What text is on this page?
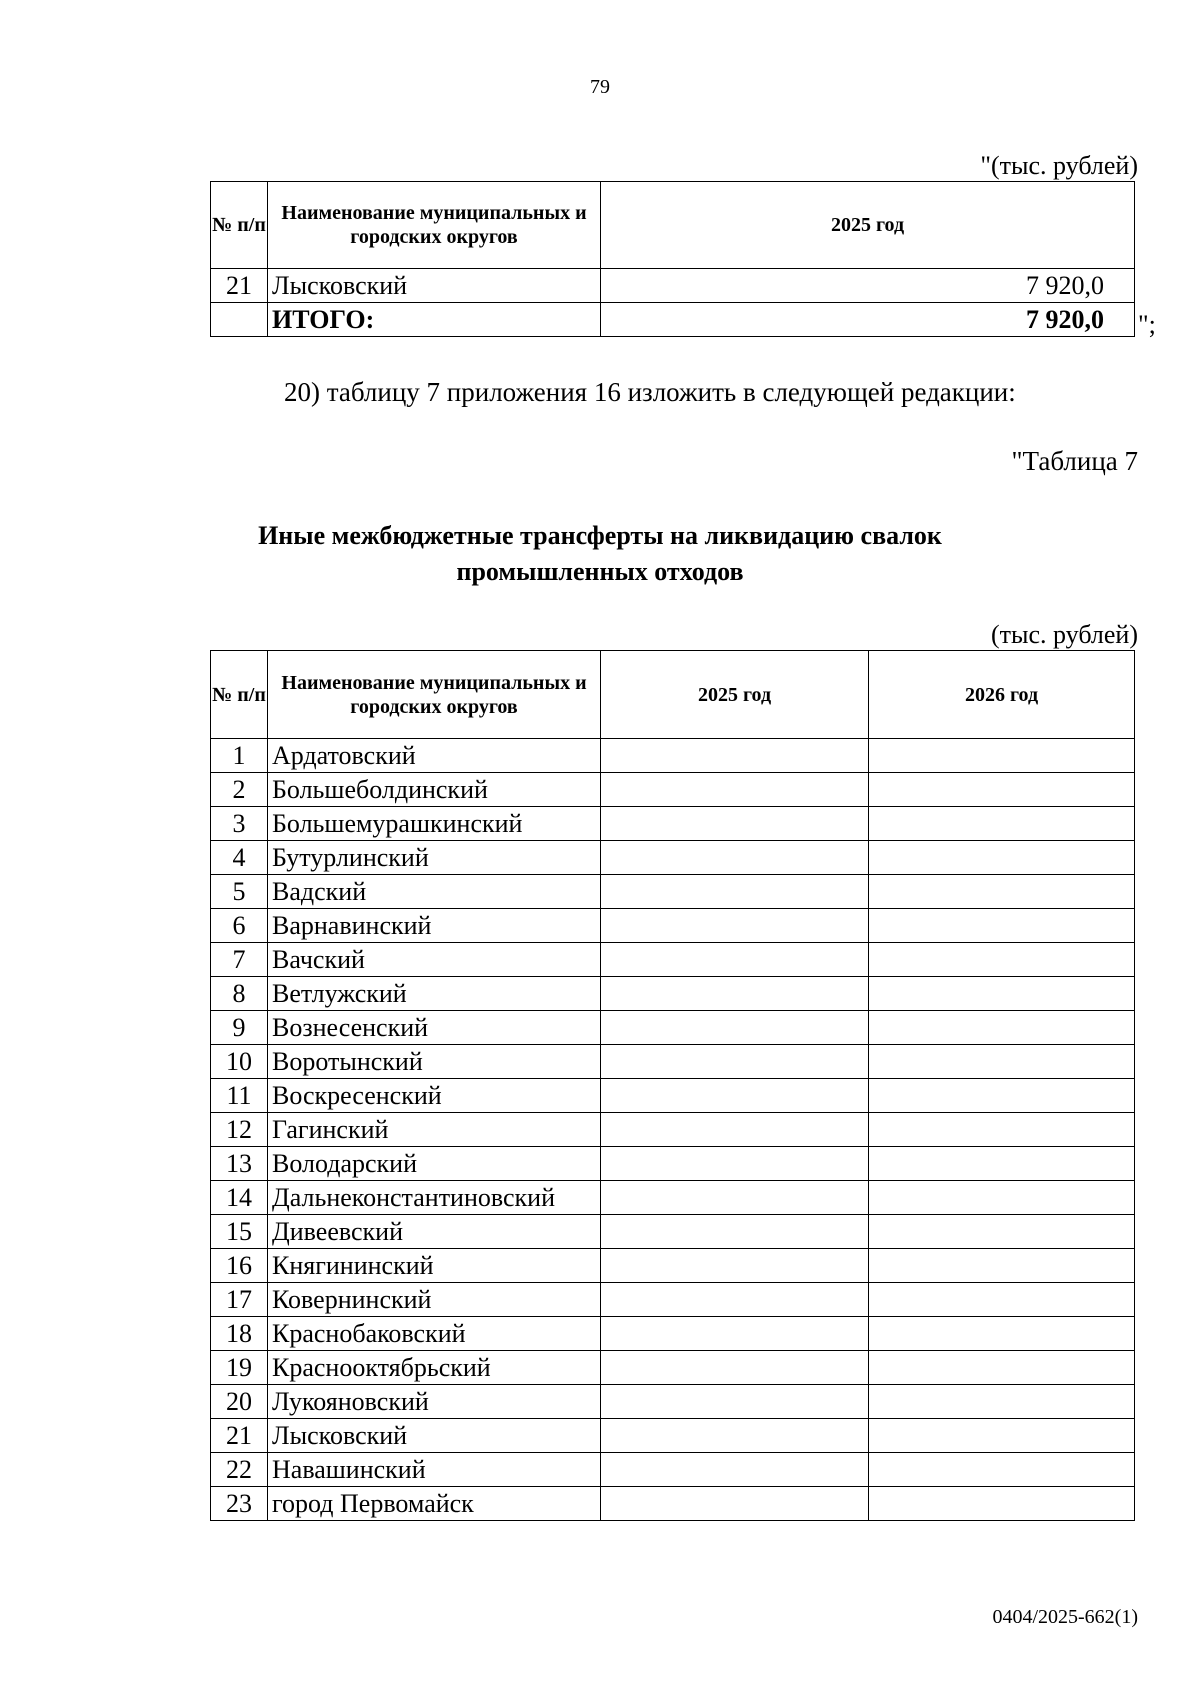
79
"(тыс. рублей)
№ п/п	Наименование муниципальных и городских округов	2025 год
21	Лысковский	7 920,0
	ИТОГО:	7 920,0 ";
20) таблицу 7 приложения 16 изложить в следующей редакции:
"Таблица 7
Иные межбюджетные трансферты на ликвидацию свалок
промышленных отходов
(тыс. рублей)
№ п/п	Наименование муниципальных и городских округов	2025 год	2026 год
1	Ардатовский		
2	Большеболдинский		
3	Большемурашкинский		
4	Бутурлинский		
5	Вадский		
6	Варнавинский		
7	Вачский		
8	Ветлужский		
9	Вознесенский		
10	Воротынский		
11	Воскресенский		
12	Гагинский		
13	Володарский		
14	Дальнеконстантиновский		
15	Дивеевский		
16	Княгининский		
17	Ковернинский		
18	Краснобаковский		
19	Краснооктябрьский		
20	Лукояновский		
21	Лысковский		
22	Навашинский		
23	город Первомайск		
0404/2025-662(1)
